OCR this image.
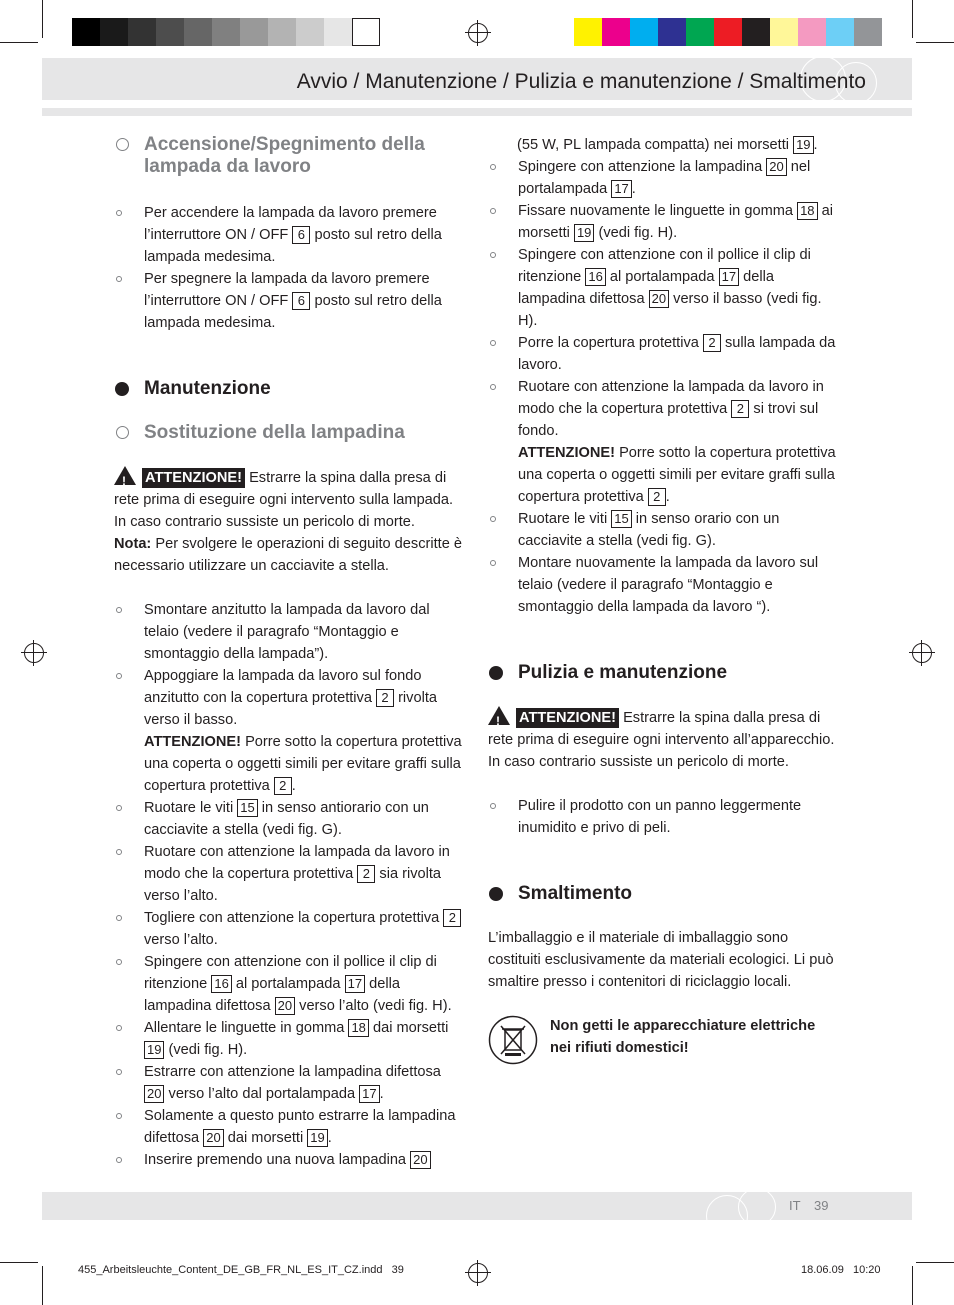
Avvio / Manutenzione / Pulizia e manutenzione / Smaltimento
Accensione/Spegnimento della lampada da lavoro
Per accendere la lampada da lavoro premere l’interruttore ON / OFF 6 posto sul retro della lampada medesima.
Per spegnere la lampada da lavoro premere l’interruttore ON / OFF 6 posto sul retro della lampada medesima.
Manutenzione
Sostituzione della lampadina
! ATTENZIONE! Estrarre la spina dalla presa di rete prima di eseguire ogni intervento sulla lampada. In caso contrario sussiste un pericolo di morte.
Nota: Per svolgere le operazioni di seguito descritte è necessario utilizzare un cacciavite a stella.
Smontare anzitutto la lampada da lavoro dal telaio (vedere il paragrafo “Montaggio e smontaggio della lampada”).
Appoggiare la lampada da lavoro sul fondo anzitutto con la copertura protettiva 2 rivolta verso il basso.
ATTENZIONE! Porre sotto la copertura protettiva una coperta o oggetti simili per evitare graffi sulla copertura protettiva 2 .
Ruotare le viti 15 in senso antiorario con un cacciavite a stella (vedi fig. G).
Ruotare con attenzione la lampada da lavoro in modo che la copertura protettiva 2 sia rivolta verso l’alto.
Togliere con attenzione la copertura protettiva 2 verso l’alto.
Spingere con attenzione con il pollice il clip di ritenzione 16 al portalampada 17 della lampadina difettosa 20 verso l’alto (vedi fig. H).
Allentare le linguette in gomma 18 dai morsetti 19 (vedi fig. H).
Estrarre con attenzione la lampadina difettosa 20 verso l’alto dal portalampada 17 .
Solamente a questo punto estrarre la lampadina difettosa 20 dai morsetti 19 .
Inserire premendo una nuova lampadina 20
(55 W, PL lampada compatta) nei morsetti 19 .
Spingere con attenzione la lampadina 20 nel portalampada 17 .
Fissare nuovamente le linguette in gomma 18 ai morsetti 19 (vedi fig. H).
Spingere con attenzione con il pollice il clip di ritenzione 16 al portalampada 17 della lampadina difettosa 20 verso il basso (vedi fig. H).
Porre la copertura protettiva 2 sulla lampada da lavoro.
Ruotare con attenzione la lampada da lavoro in modo che la copertura protettiva 2 si trovi sul fondo.
ATTENZIONE! Porre sotto la copertura protettiva una coperta o oggetti simili per evitare graffi sulla copertura protettiva 2 .
Ruotare le viti 15 in senso orario con un cacciavite a stella (vedi fig. G).
Montare nuovamente la lampada da lavoro sul telaio (vedere il paragrafo “Montaggio e smontaggio della lampada da lavoro “).
Pulizia e manutenzione
! ATTENZIONE! Estrarre la spina dalla presa di rete prima di eseguire ogni intervento all’apparecchio. In caso contrario sussiste un pericolo di morte.
Pulire il prodotto con un panno leggermente inumidito e privo di peli.
Smaltimento
L’imballaggio e il materiale di imballaggio sono costituiti esclusivamente da materiali ecologici. Li può smaltire presso i contenitori di riciclaggio locali.
Non getti le apparecchiature elettriche nei rifiuti domestici!
IT 39
455_Arbeitsleuchte_Content_DE_GB_FR_NL_ES_IT_CZ.indd   39	18.06.09   10:20
